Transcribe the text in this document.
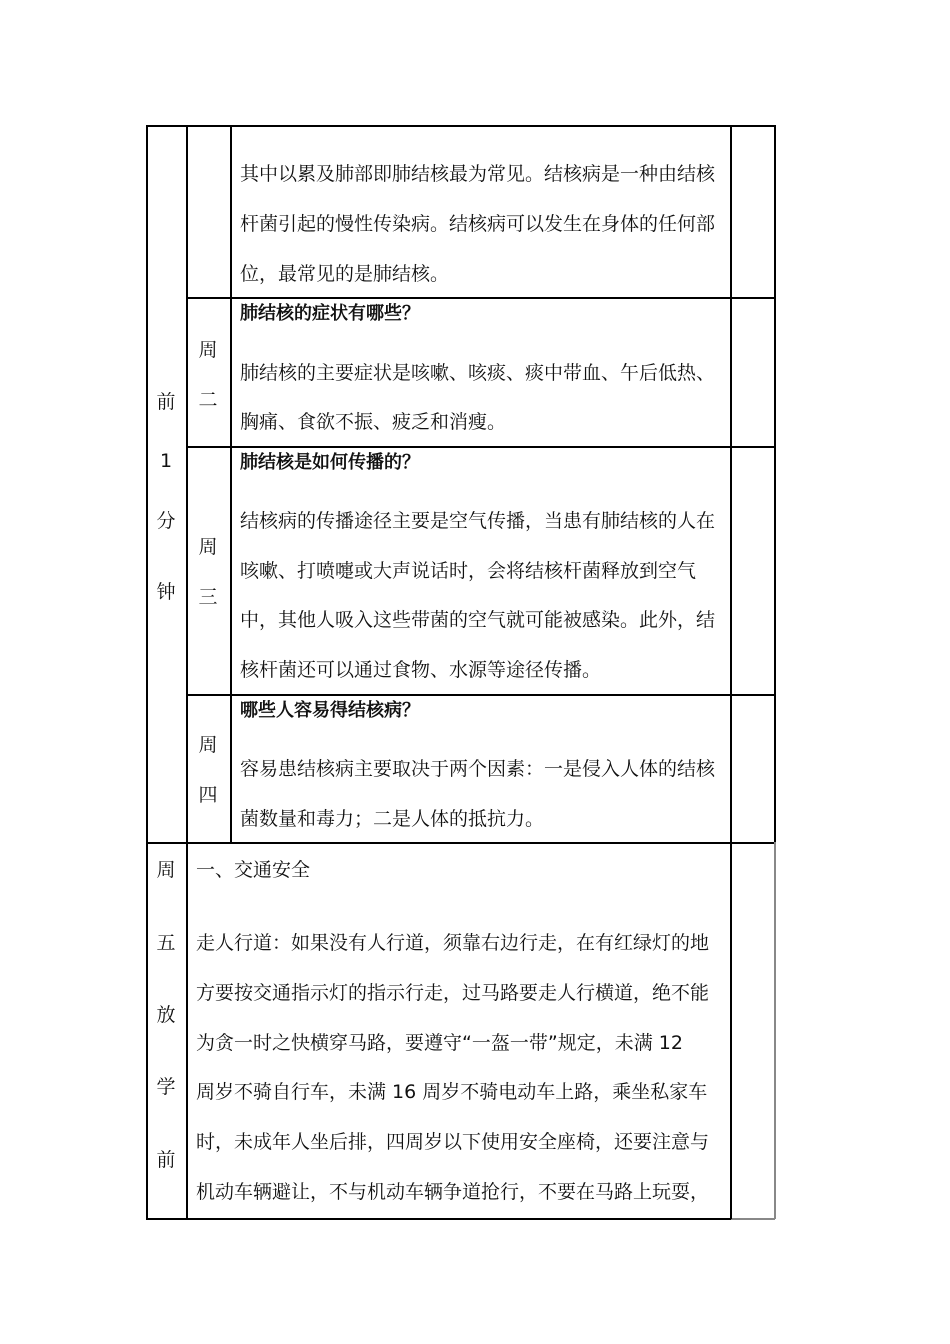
前
1
分
钟
周
五
放
学
前
其中以累及肺部即肺结核最为常见。结核病是一种由结核
杆菌引起的慢性传染病。结核病可以发生在身体的任何部
位，最常见的是肺结核。
周
二
肺结核的症状有哪些？
肺结核的主要症状是咳嗽、咳痰、痰中带血、午后低热、
胸痛、食欲不振、疲乏和消瘦。
周
三
肺结核是如何传播的？
结核病的传播途径主要是空气传播，当患有肺结核的人在
咳嗽、打喷嚏或大声说话时，会将结核杆菌释放到空气
中，其他人吸入这些带菌的空气就可能被感染。此外，结
核杆菌还可以通过食物、水源等途径传播。
周
四
哪些人容易得结核病？
容易患结核病主要取决于两个因素：一是侵入人体的结核
菌数量和毒力；二是人体的抵抗力。
一、交通安全
走人行道：如果没有人行道，须靠右边行走，在有红绿灯的地
方要按交通指示灯的指示行走，过马路要走人行横道，绝不能
为贪一时之快横穿马路，要遵守“一盔一带”规定，未满 12
周岁不骑自行车，未满 16 周岁不骑电动车上路，乘坐私家车
时，未成年人坐后排，四周岁以下使用安全座椅，还要注意与
机动车辆避让，不与机动车辆争道抢行，不要在马路上玩耍，
